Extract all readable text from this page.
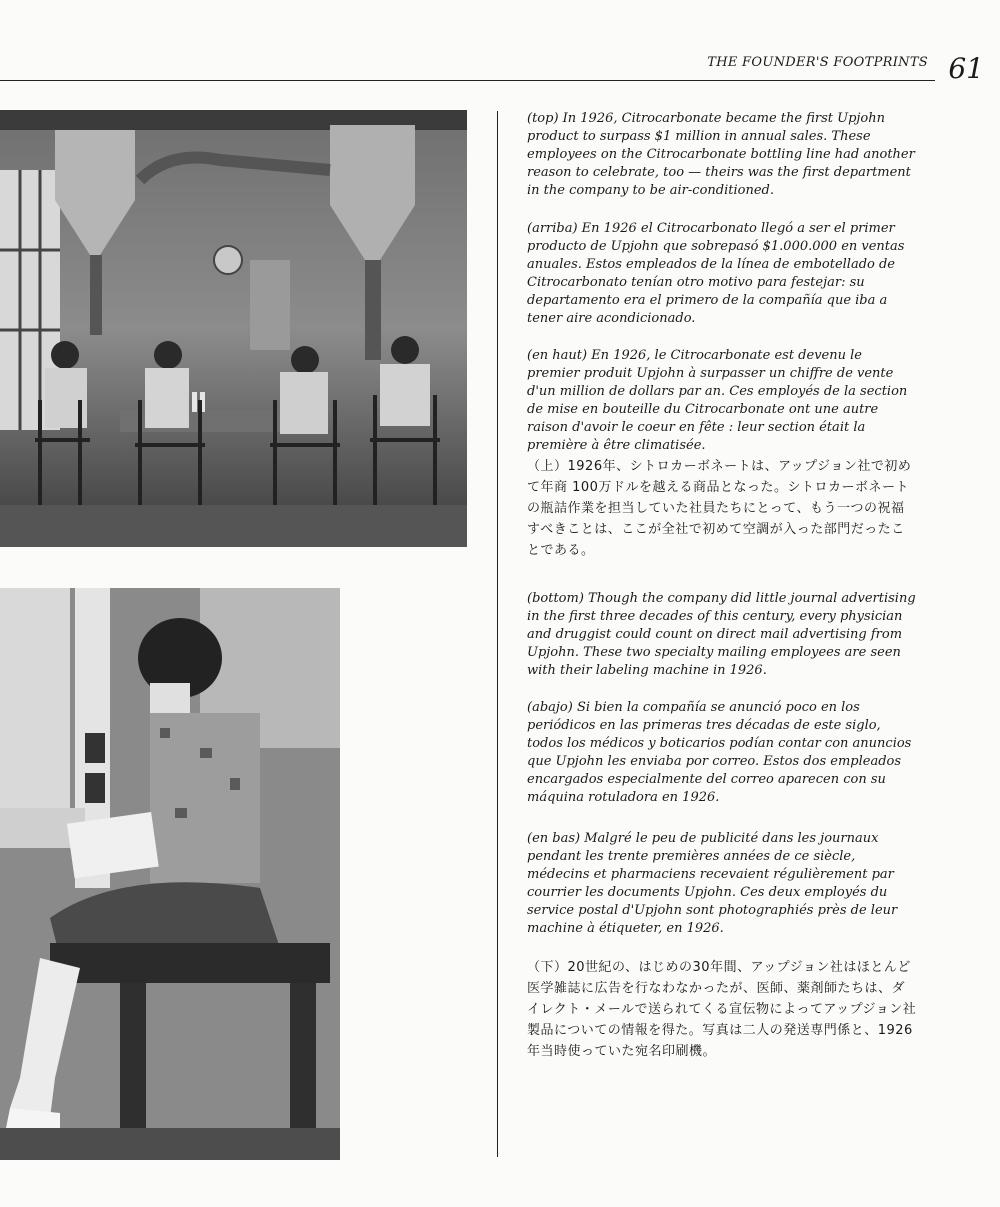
THE FOUNDER'S FOOTPRINTS 61

(top) In 1926, Citrocarbonate became the first Upjohn product to surpass $1 million in annual sales. These employees on the Citrocarbonate bottling line had another reason to celebrate, too — theirs was the first department in the company to be air-conditioned.

(arriba) En 1926 el Citrocarbonato llegó a ser el primer producto de Upjohn que sobrepasó $1.000.000 en ventas anuales. Estos empleados de la línea de embotellado de Citrocarbonato tenían otro motivo para festejar: su departamento era el primero de la compañía que iba a tener aire acondicionado.

(en haut) En 1926, le Citrocarbonate est devenu le premier produit Upjohn à surpasser un chiffre de vente d'un million de dollars par an. Ces employés de la section de mise en bouteille du Citrocarbonate ont une autre raison d'avoir le coeur en fête : leur section était la première à être climatisée.

（上）1926年、シトロカーボネートは、アップジョン社で初めて年商 100万ドルを越える商品となった。シトロカーボネートの瓶詰作業を担当していた社員たちにとって、もう一つの祝福すべきことは、ここが全社で初めて空調が入った部門だったことである。

(bottom) Though the company did little journal advertising in the first three decades of this century, every physician and druggist could count on direct mail advertising from Upjohn. These two specialty mailing employees are seen with their labeling machine in 1926.

(abajo) Si bien la compañía se anunció poco en los periódicos en las primeras tres décadas de este siglo, todos los médicos y boticarios podían contar con anuncios que Upjohn les enviaba por correo. Estos dos empleados encargados especialmente del correo aparecen con su máquina rotuladora en 1926.

(en bas) Malgré le peu de publicité dans les journaux pendant les trente premières années de ce siècle, médecins et pharmaciens recevaient régulièrement par courrier les documents Upjohn. Ces deux employés du service postal d'Upjohn sont photographiés près de leur machine à étiqueter, en 1926.

（下）20世紀の、はじめの30年間、アップジョン社はほとんど医学雑誌に広告を行なわなかったが、医師、薬剤師たちは、ダイレクト・メールで送られてくる宣伝物によってアップジョン社製品についての情報を得た。写真は二人の発送専門係と、1926年当時使っていた宛名印刷機。
